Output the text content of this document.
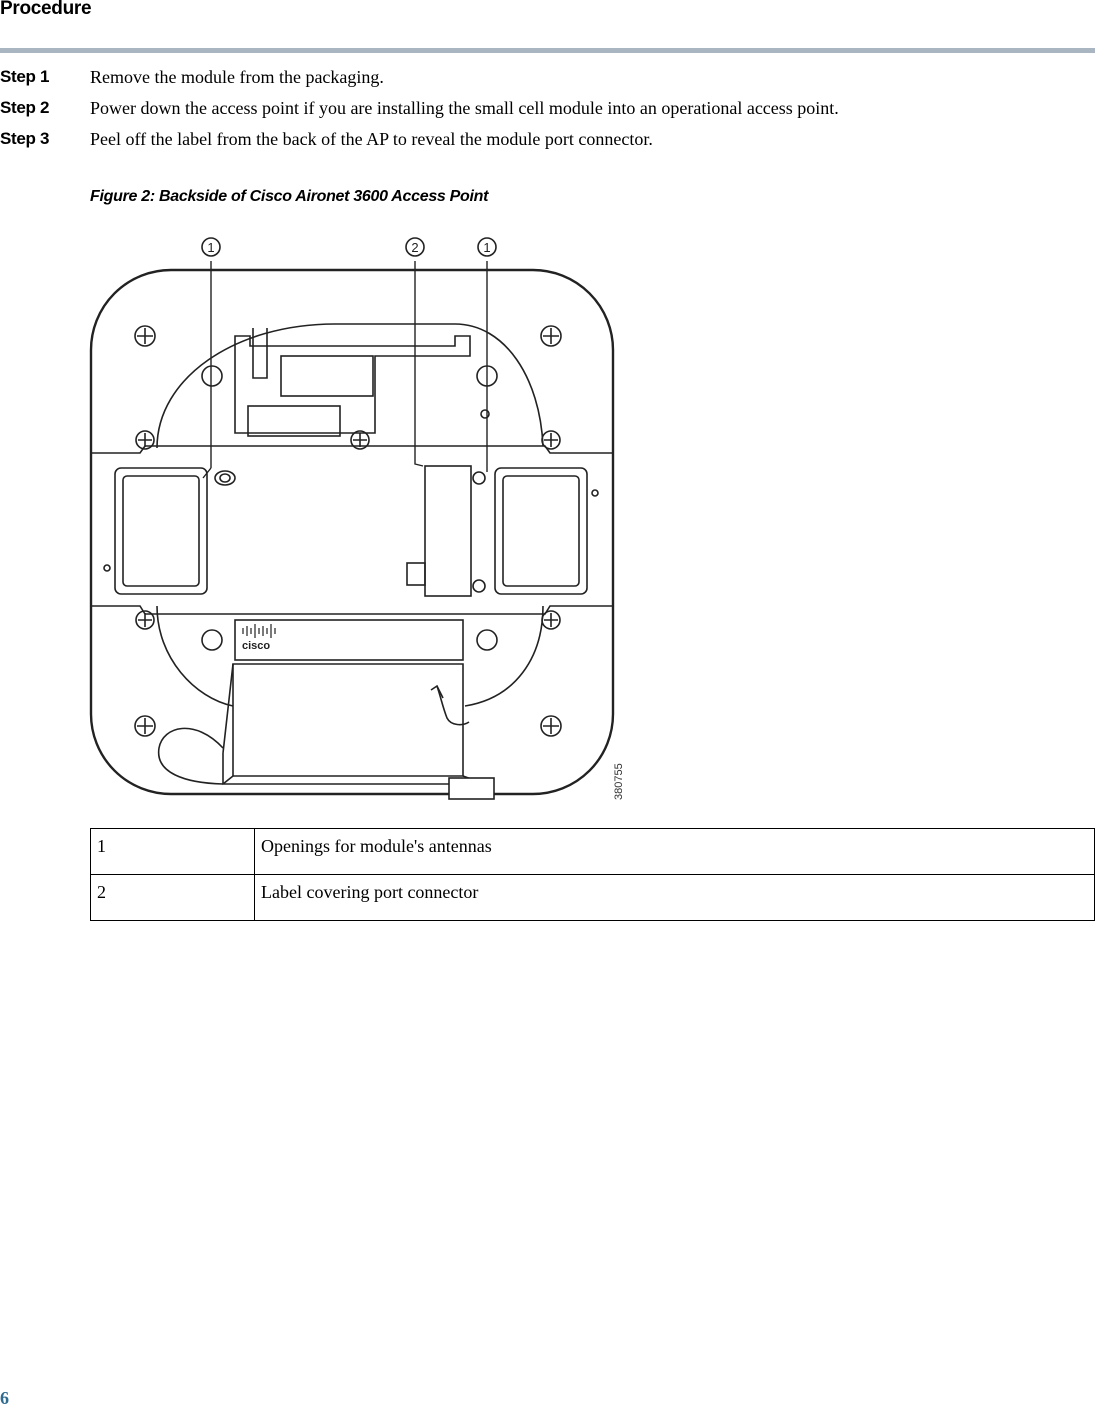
Procedure
Step 1 Remove the module from the packaging.
Step 2 Power down the access point if you are installing the small cell module into an operational access point.
Step 3 Peel off the label from the back of the AP to reveal the module port connector.
Figure 2: Backside of Cisco Aironet 3600 Access Point
cisco
1	2	1
380755
1	Openings for module's antennas
2	Label covering port connector
6
